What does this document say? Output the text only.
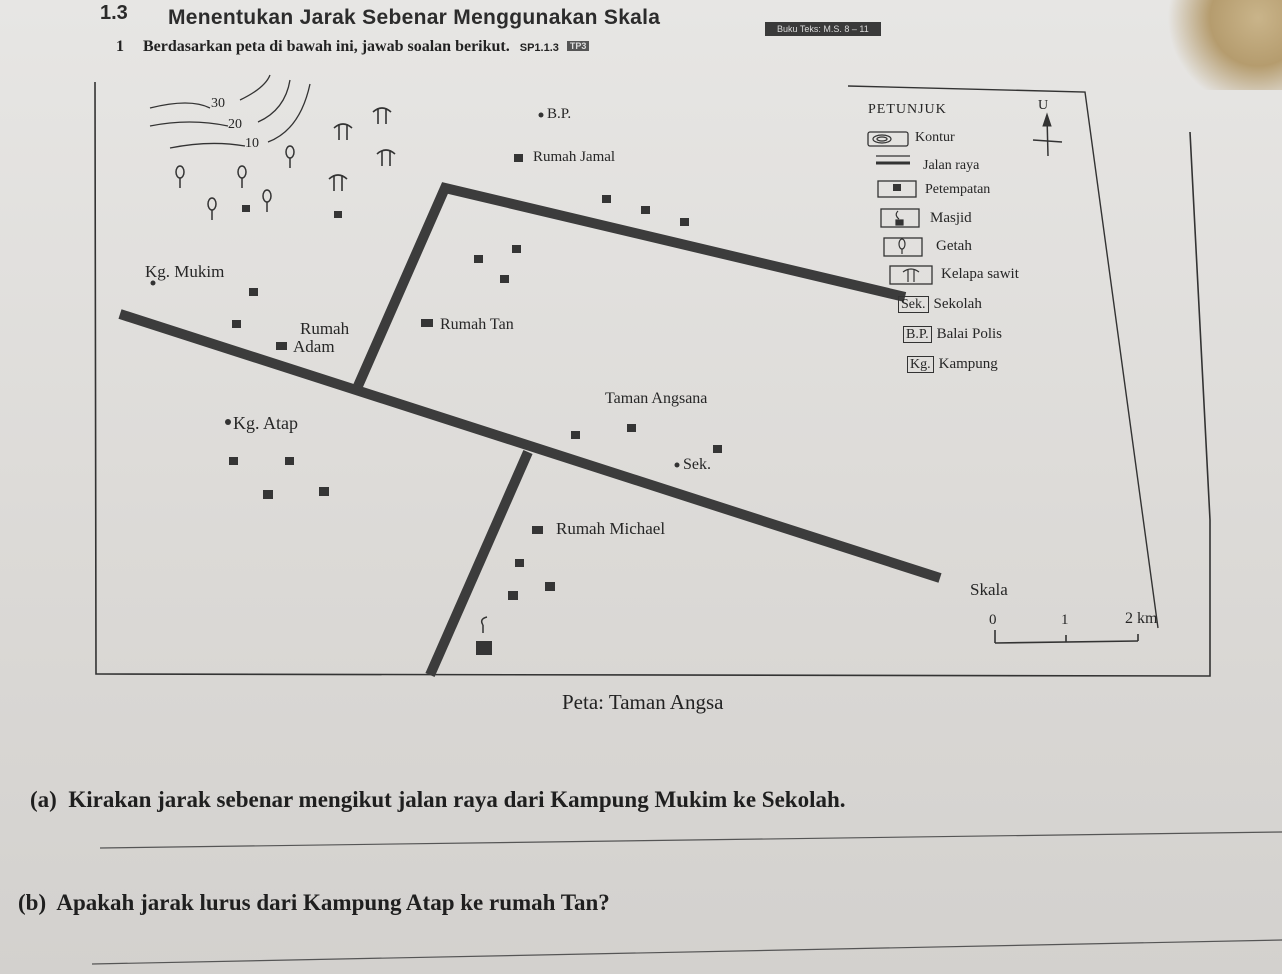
1.3 Menentukan Jarak Sebenar Menggunakan Skala	Buku Teks: M.S. 8 – 11
1 Berdasarkan peta di bawah ini, jawab soalan berikut. SP1.1.3 TP3
30
20
10
B.P.
Rumah Jamal
Kg. Mukim
Rumah
Adam
Rumah Tan
Taman Angsana
Kg. Atap
Sek.
Rumah Michael
PETUNJUK	U
Kontur
Jalan raya
Petempatan
Masjid
Getah
Kelapa sawit
Sek. Sekolah
B.P. Balai Polis
Kg. Kampung
Skala
0	1	2 km
Peta: Taman Angsa
(a) Kirakan jarak sebenar mengikut jalan raya dari Kampung Mukim ke Sekolah.
(b) Apakah jarak lurus dari Kampung Atap ke rumah Tan?
